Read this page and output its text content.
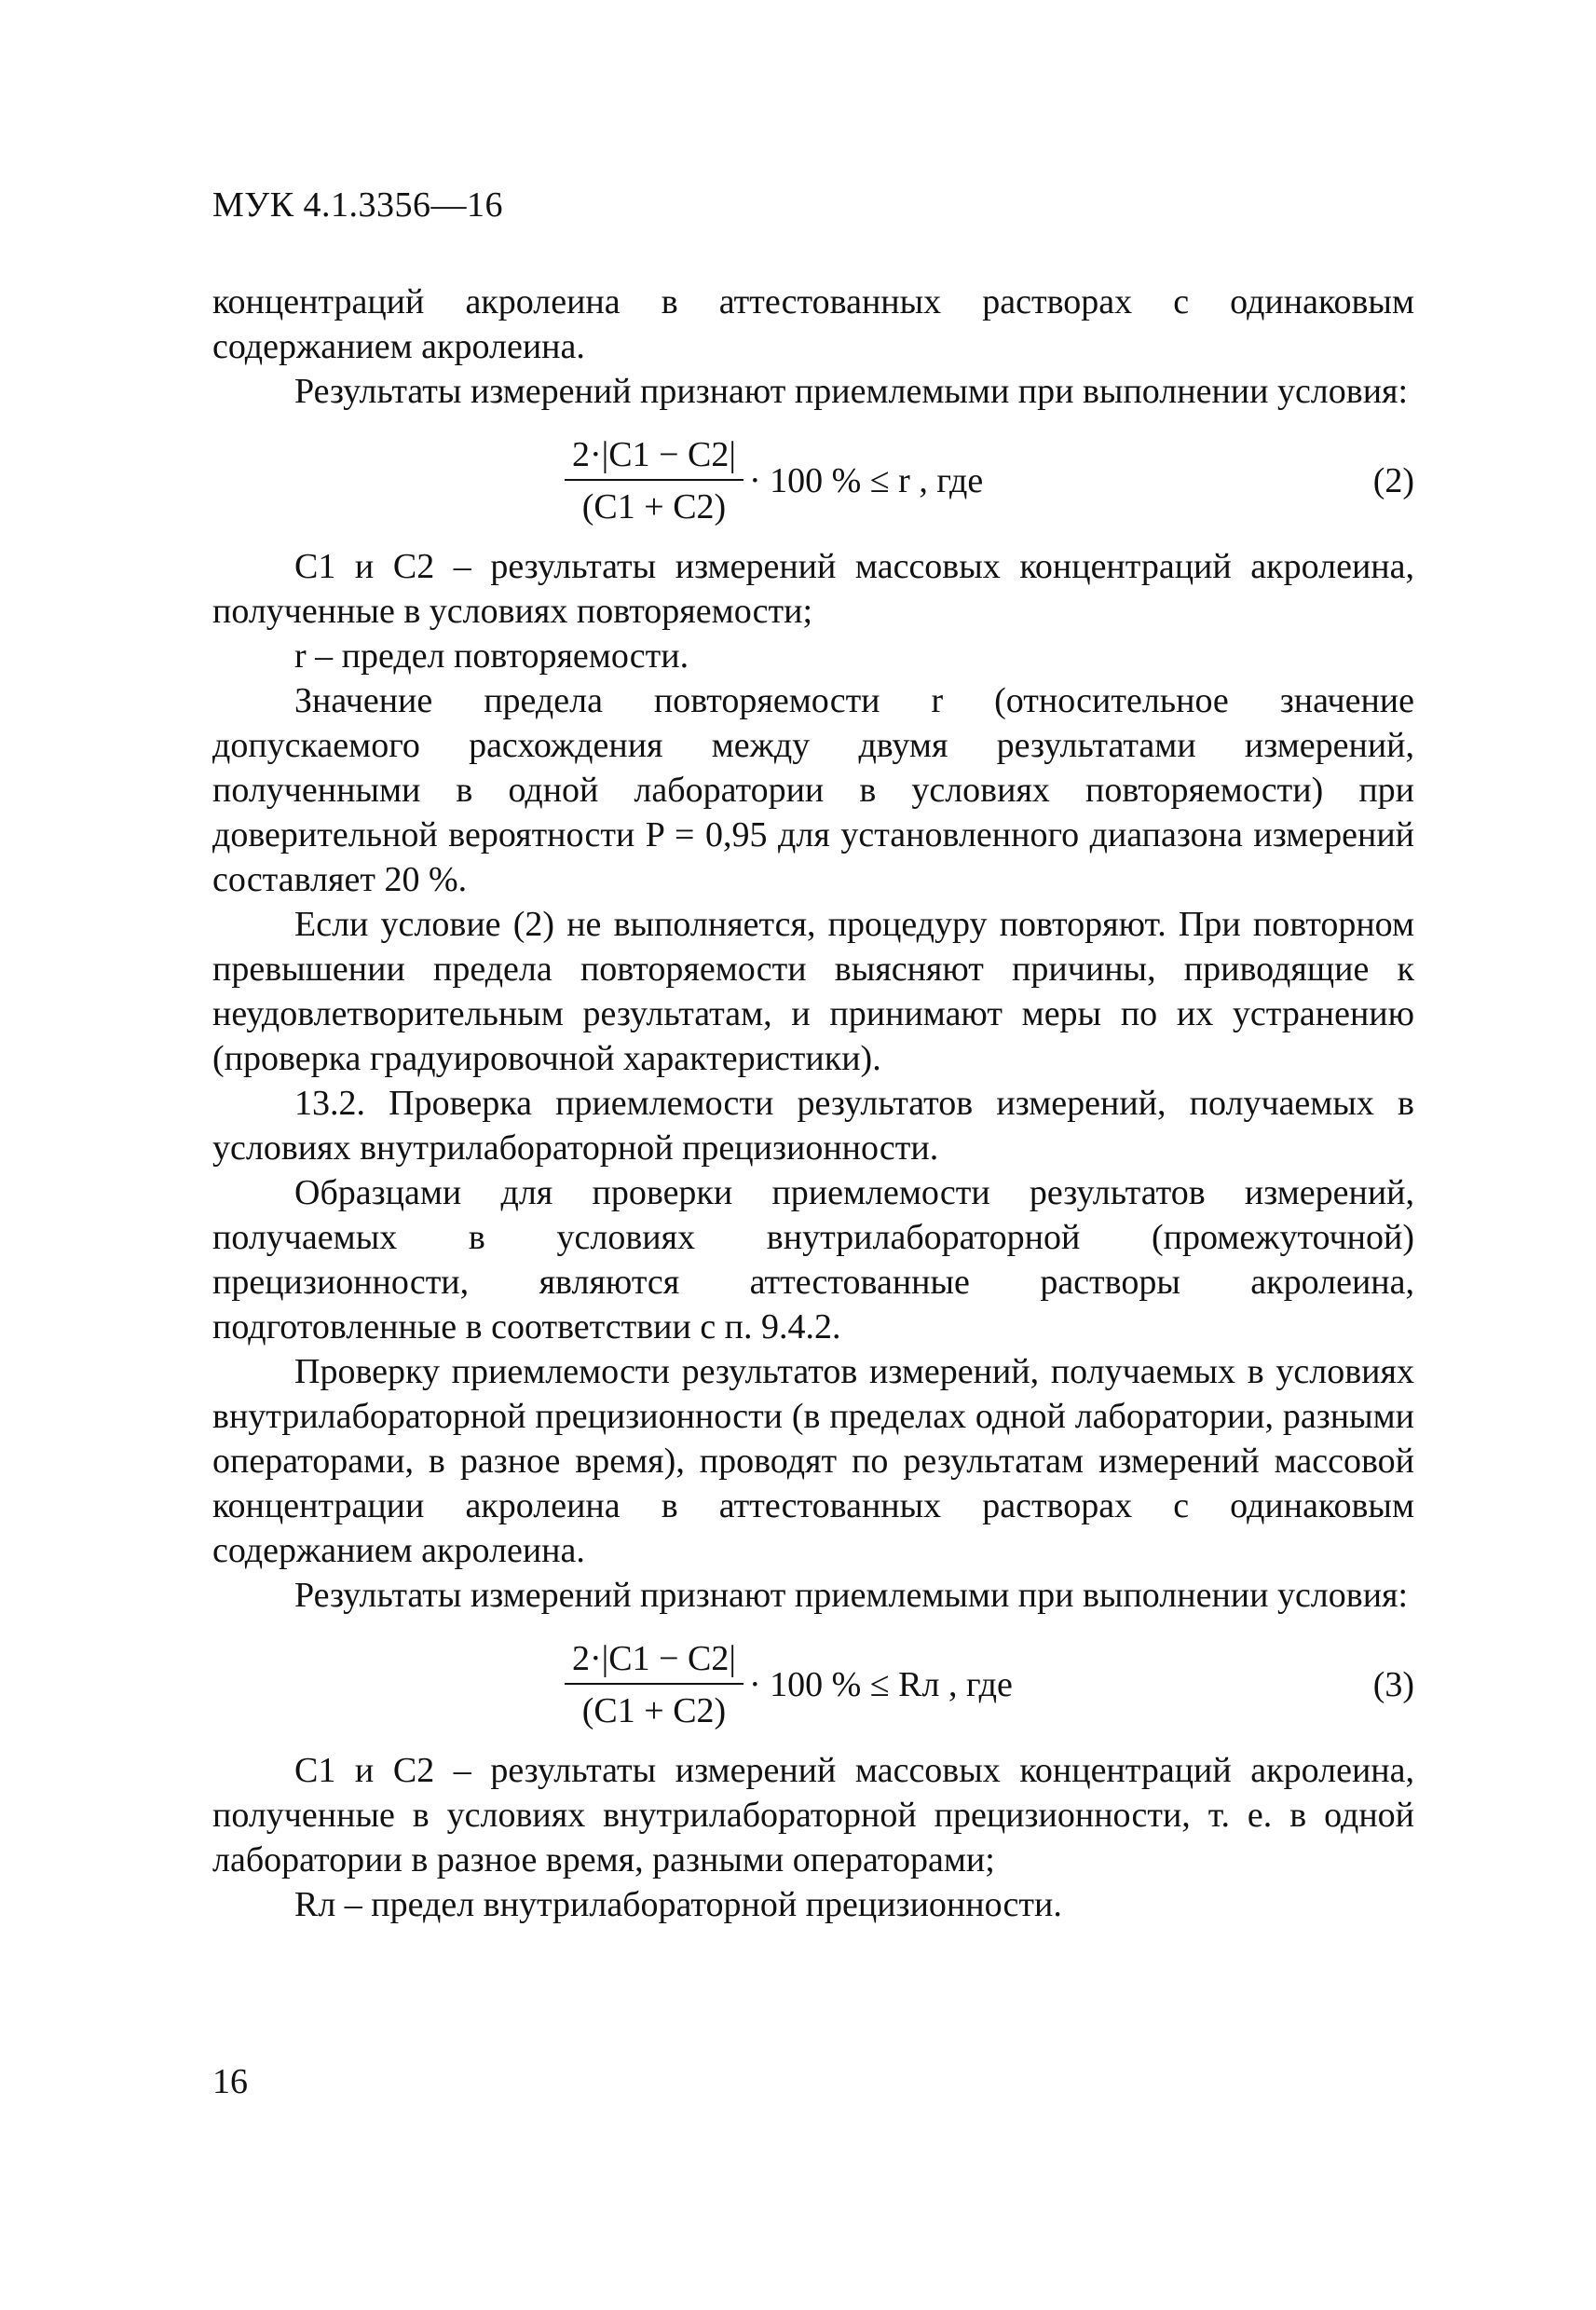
МУК 4.1.3356—16

концентраций акролеина в аттестованных растворах с одинаковым содержанием акролеина.

Результаты измерений признают приемлемыми при выполнении условия:

$\frac{2\cdot|C1 - C2|}{(C1 + C2)} \cdot 100$ % ≤ r , где	(2)

C1 и C2 – результаты измерений массовых концентраций акролеина, полученные в условиях повторяемости;

r – предел повторяемости.

Значение предела повторяемости r (относительное значение допускаемого расхождения между двумя результатами измерений, полученными в одной лаборатории в условиях повторяемости) при доверительной вероятности P = 0,95 для установленного диапазона измерений составляет 20 %.

Если условие (2) не выполняется, процедуру повторяют. При повторном превышении предела повторяемости выясняют причины, приводящие к неудовлетворительным результатам, и принимают меры по их устранению (проверка градуировочной характеристики).

13.2. Проверка приемлемости результатов измерений, получаемых в условиях внутрилабораторной прецизионности.

Образцами для проверки приемлемости результатов измерений, получаемых в условиях внутрилабораторной (промежуточной) прецизионности, являются аттестованные растворы акролеина, подготовленные в соответствии с п. 9.4.2.

Проверку приемлемости результатов измерений, получаемых в условиях внутрилабораторной прецизионности (в пределах одной лаборатории, разными операторами, в разное время), проводят по результатам измерений массовой концентрации акролеина в аттестованных растворах с одинаковым содержанием акролеина.

Результаты измерений признают приемлемыми при выполнении условия:

$\frac{2\cdot|C1 - C2|}{(C1 + C2)} \cdot 100$ % ≤ Rл , где	(3)

C1 и C2 – результаты измерений массовых концентраций акролеина, полученные в условиях внутрилабораторной прецизионности, т. е. в одной лаборатории в разное время, разными операторами;

Rл – предел внутрилабораторной прецизионности.

16
